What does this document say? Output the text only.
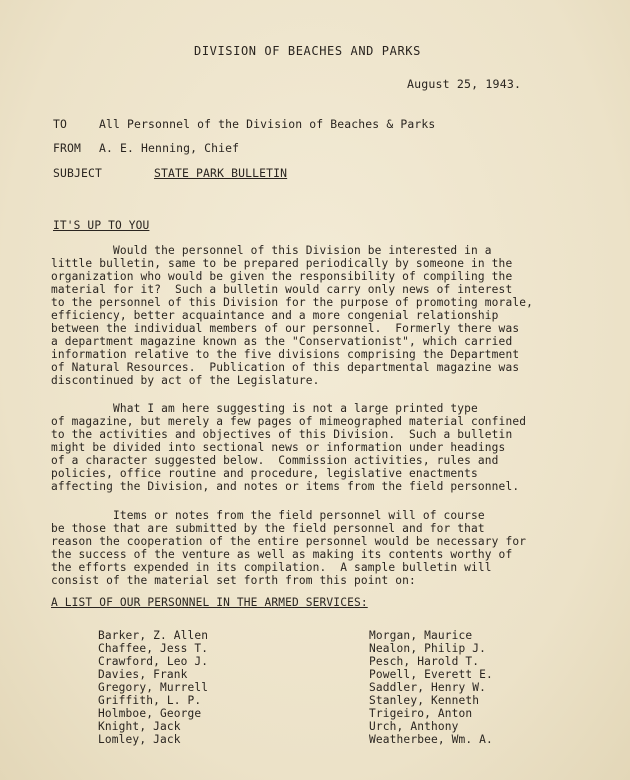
DIVISION OF BEACHES AND PARKS
August 25, 1943.
TO	All Personnel of the Division of Beaches & Parks
FROM A. E. Henning, Chief
SUBJECT	STATE PARK BULLETIN
IT'S UP TO YOU
Would the personnel of this Division be interested in a
little bulletin, same to be prepared periodically by someone in the
organization who would be given the responsibility of compiling the
material for it?  Such a bulletin would carry only news of interest
to the personnel of this Division for the purpose of promoting morale,
efficiency, better acquaintance and a more congenial relationship
between the individual members of our personnel.  Formerly there was
a department magazine known as the "Conservationist", which carried
information relative to the five divisions comprising the Department
of Natural Resources.  Publication of this departmental magazine was
discontinued by act of the Legislature.
What I am here suggesting is not a large printed type
of magazine, but merely a few pages of mimeographed material confined
to the activities and objectives of this Division.  Such a bulletin
might be divided into sectional news or information under headings
of a character suggested below.  Commission activities, rules and
policies, office routine and procedure, legislative enactments
affecting the Division, and notes or items from the field personnel.
Items or notes from the field personnel will of course
be those that are submitted by the field personnel and for that
reason the cooperation of the entire personnel would be necessary for
the success of the venture as well as making its contents worthy of
the efforts expended in its compilation.  A sample bulletin will
consist of the material set forth from this point on:
A LIST OF OUR PERSONNEL IN THE ARMED SERVICES:
Barker, Z. Allen
Chaffee, Jess T.
Crawford, Leo J.
Davies, Frank
Gregory, Murrell
Griffith, L. P.
Holmboe, George
Knight, Jack
Lomley, Jack
Morgan, Maurice
Nealon, Philip J.
Pesch, Harold T.
Powell, Everett E.
Saddler, Henry W.
Stanley, Kenneth
Trigeiro, Anton
Urch, Anthony
Weatherbee, Wm. A.
